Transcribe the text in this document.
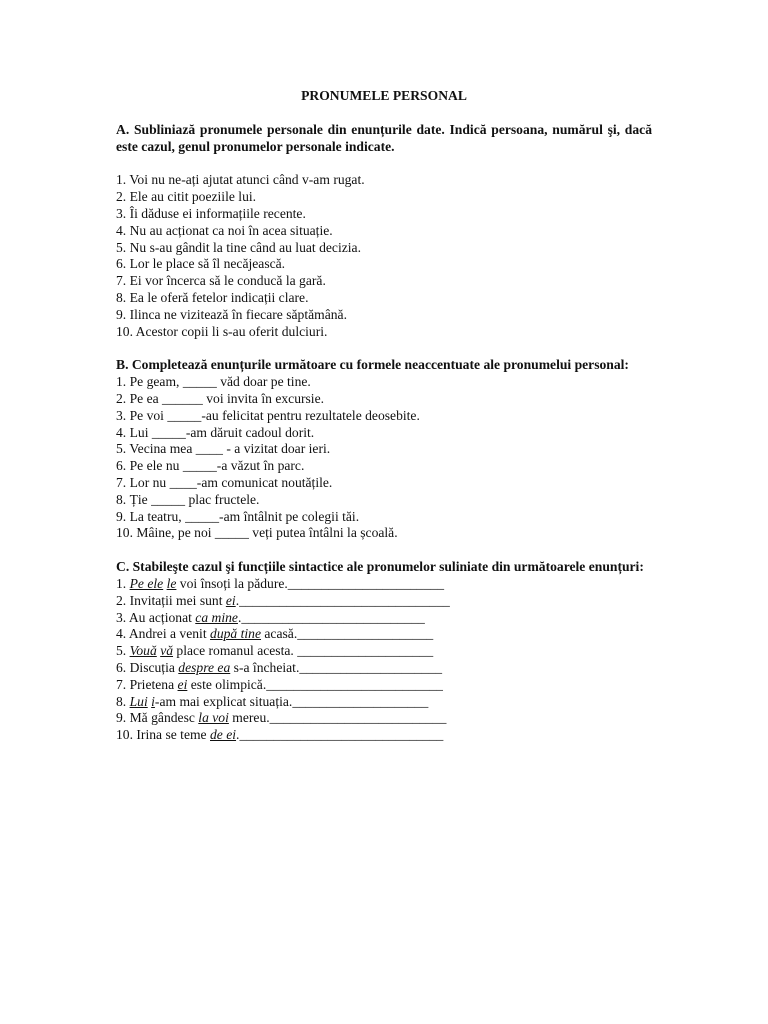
PRONUMELE PERSONAL

A. Subliniază pronumele personale din enunțurile date. Indică persoana, numărul şi, dacă este cazul, genul pronumelor personale indicate.

1. Voi nu ne-ați ajutat atunci când v-am rugat.

2. Ele au citit poeziile lui.

3. Îi dăduse ei informațiile recente.

4. Nu au acționat ca noi în acea situație.

5. Nu s-au gândit la tine când au luat decizia.

6. Lor le place să îl necăjească.

7. Ei vor încerca să le conducă la gară.

8. Ea le oferă fetelor indicații clare.

9. Ilinca ne vizitează în fiecare săptămână.

10. Acestor copii li s-au oferit dulciuri.

B. Completează enunțurile următoare cu formele neaccentuate ale pronumelui personal:

1. Pe geam, _____ văd doar pe tine.

2. Pe ea ______ voi invita în excursie.

3. Pe voi _____-au felicitat pentru rezultatele deosebite.

4. Lui _____-am dăruit cadoul dorit.

5. Vecina mea ____ - a vizitat doar ieri.

6. Pe ele nu _____-a văzut în parc.

7. Lor nu ____-am comunicat noutățile.

8. Ție _____ plac fructele.

9. La teatru, _____-am întâlnit pe colegii tăi.

10. Mâine, pe noi _____ veți putea întâlni la școală.

C. Stabileşte cazul şi funcțiile sintactice ale pronumelor suliniate din următoarele enunțuri:

1. Pe ele le voi însoți la pădure._______________________

2. Invitații mei sunt ei._______________________________

3. Au acționat ca mine.___________________________

4. Andrei a venit după tine acasă.____________________

5. Vouă vă place romanul acesta. ____________________

6. Discuția despre ea s-a încheiat._____________________

7. Prietena ei este olimpică.__________________________

8. Lui i-am mai explicat situația.____________________

9. Mă gândesc la voi mereu.__________________________

10. Irina se teme de ei.______________________________
